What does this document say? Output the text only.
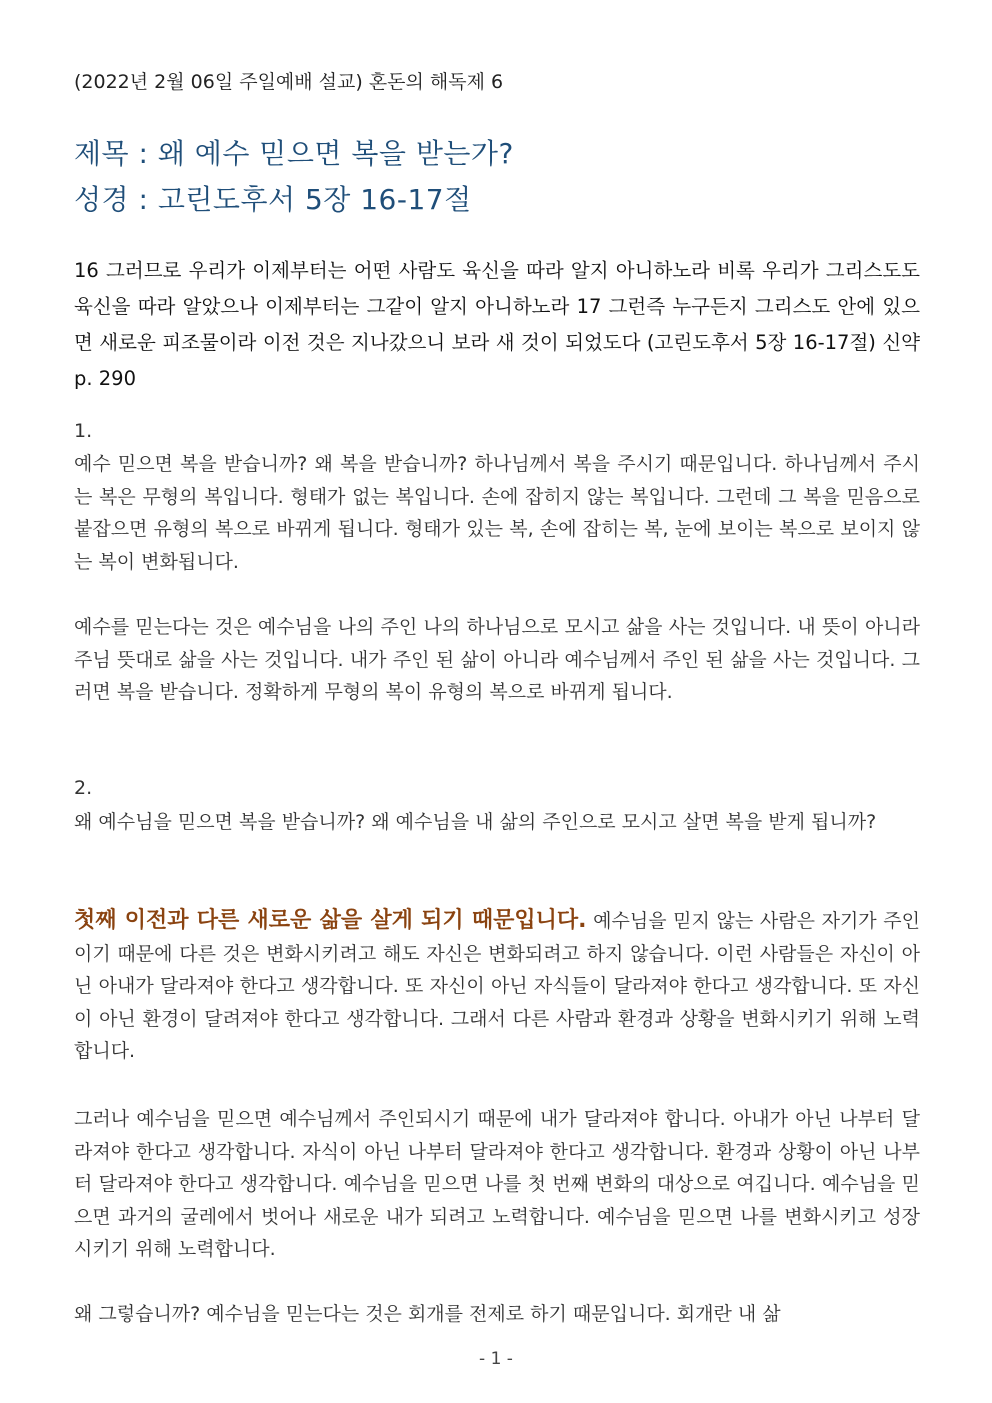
(2022년 2월 06일 주일예배 설교) 혼돈의 해독제 6
제목 : 왜 예수 믿으면 복을 받는가?
성경 : 고린도후서 5장 16-17절
16 그러므로 우리가 이제부터는 어떤 사람도 육신을 따라 알지 아니하노라 비록 우리가 그리스도도 육신을 따라 알았으나 이제부터는 그같이 알지 아니하노라 17 그런즉 누구든지 그리스도 안에 있으면 새로운 피조물이라 이전 것은 지나갔으니 보라 새 것이 되었도다 (고린도후서 5장 16-17절) 신약 p. 290
1.

예수 믿으면 복을 받습니까? 왜 복을 받습니까? 하나님께서 복을 주시기 때문입니다. 하나님께서 주시는 복은 무형의 복입니다. 형태가 없는 복입니다. 손에 잡히지 않는 복입니다. 그런데 그 복을 믿음으로 붙잡으면 유형의 복으로 바뀌게 됩니다. 형태가 있는 복, 손에 잡히는 복, 눈에 보이는 복으로 보이지 않는 복이 변화됩니다.

예수를 믿는다는 것은 예수님을 나의 주인 나의 하나님으로 모시고 삶을 사는 것입니다. 내 뜻이 아니라 주님 뜻대로 삶을 사는 것입니다. 내가 주인 된 삶이 아니라 예수님께서 주인 된 삶을 사는 것입니다. 그러면 복을 받습니다. 정확하게 무형의 복이 유형의 복으로 바뀌게 됩니다.

2.

왜 예수님을 믿으면 복을 받습니까? 왜 예수님을 내 삶의 주인으로 모시고 살면 복을 받게 됩니까?

첫째 이전과 다른 새로운 삶을 살게 되기 때문입니다. 예수님을 믿지 않는 사람은 자기가 주인이기 때문에 다른 것은 변화시키려고 해도 자신은 변화되려고 하지 않습니다. 이런 사람들은 자신이 아닌 아내가 달라져야 한다고 생각합니다. 또 자신이 아닌 자식들이 달라져야 한다고 생각합니다. 또 자신이 아닌 환경이 달려져야 한다고 생각합니다. 그래서 다른 사람과 환경과 상황을 변화시키기 위해 노력합니다.

그러나 예수님을 믿으면 예수님께서 주인되시기 때문에 내가 달라져야 합니다. 아내가 아닌 나부터 달라져야 한다고 생각합니다. 자식이 아닌 나부터 달라져야 한다고 생각합니다. 환경과 상황이 아닌 나부터 달라져야 한다고 생각합니다. 예수님을 믿으면 나를 첫 번째 변화의 대상으로 여깁니다. 예수님을 믿으면 과거의 굴레에서 벗어나 새로운 내가 되려고 노력합니다. 예수님을 믿으면 나를 변화시키고 성장시키기 위해 노력합니다.

왜 그렇습니까? 예수님을 믿는다는 것은 회개를 전제로 하기 때문입니다. 회개란 내 삶

- 1 -
